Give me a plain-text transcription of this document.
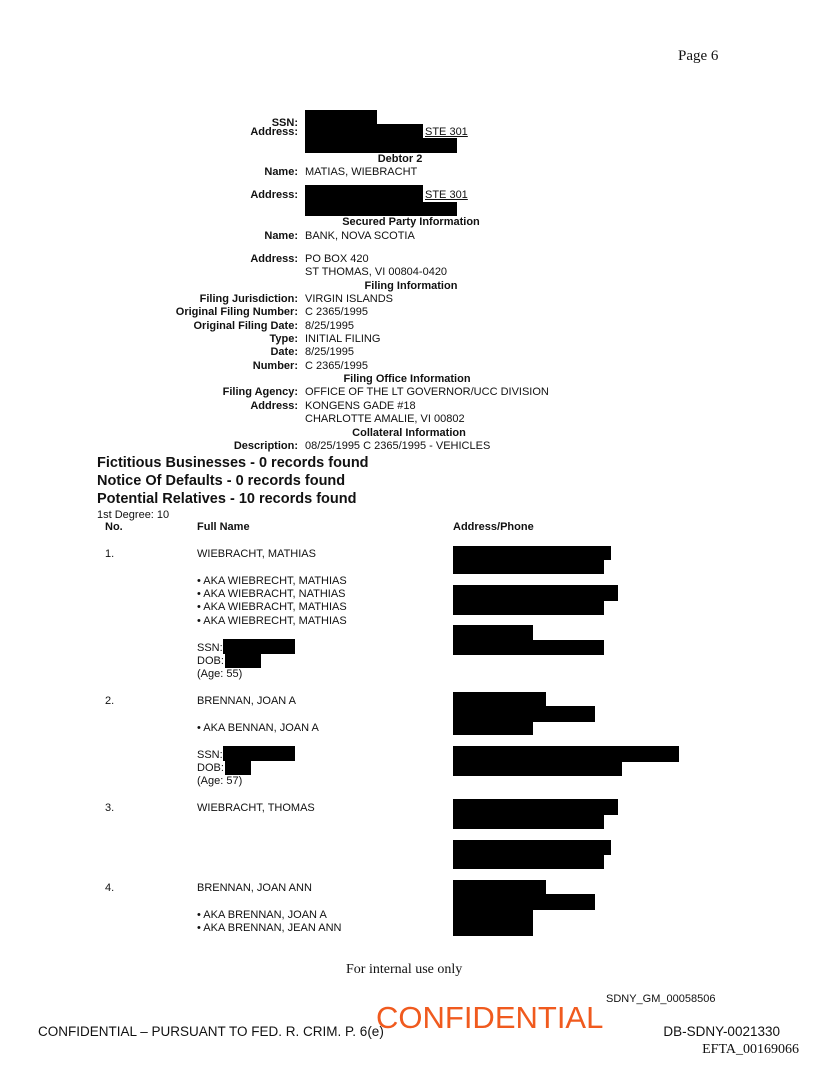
Page 6
SSN:
Address:	STE 301
Debtor 2
Name: MATIAS, WIEBRACHT
Address:	STE 301
Secured Party Information
Name: BANK, NOVA SCOTIA
Address: PO BOX 420
ST THOMAS, VI 00804-0420
Filing Information
Filing Jurisdiction: VIRGIN ISLANDS
Original Filing Number: C 2365/1995
Original Filing Date: 8/25/1995
Type: INITIAL FILING
Date: 8/25/1995
Number: C 2365/1995
Filing Office Information
Filing Agency: OFFICE OF THE LT GOVERNOR/UCC DIVISION
Address: KONGENS GADE #18
CHARLOTTE AMALIE, VI 00802
Collateral Information
Description: 08/25/1995 C 2365/1995 - VEHICLES
Fictitious Businesses - 0 records found
Notice Of Defaults - 0 records found
Potential Relatives - 10 records found
1st Degree: 10
No.	Full Name	Address/Phone
1.	WIEBRACHT, MATHIAS
• AKA WIEBRECHT, MATHIAS
• AKA WIEBRACHT, NATHIAS
• AKA WIEBRACHT, MATHIAS
• AKA WIEBRECHT, MATHIAS
SSN:
DOB:
(Age: 55)
2.	BRENNAN, JOAN A
• AKA BENNAN, JOAN A
SSN:
DOB:
(Age: 57)
3.	WIEBRACHT, THOMAS
4.	BRENNAN, JOAN ANN
• AKA BRENNAN, JOAN A
• AKA BRENNAN, JEAN ANN
For internal use only
SDNY_GM_00058506
CONFIDENTIAL
CONFIDENTIAL – PURSUANT TO FED. R. CRIM. P. 6(e)	DB-SDNY-0021330
EFTA_00169066
